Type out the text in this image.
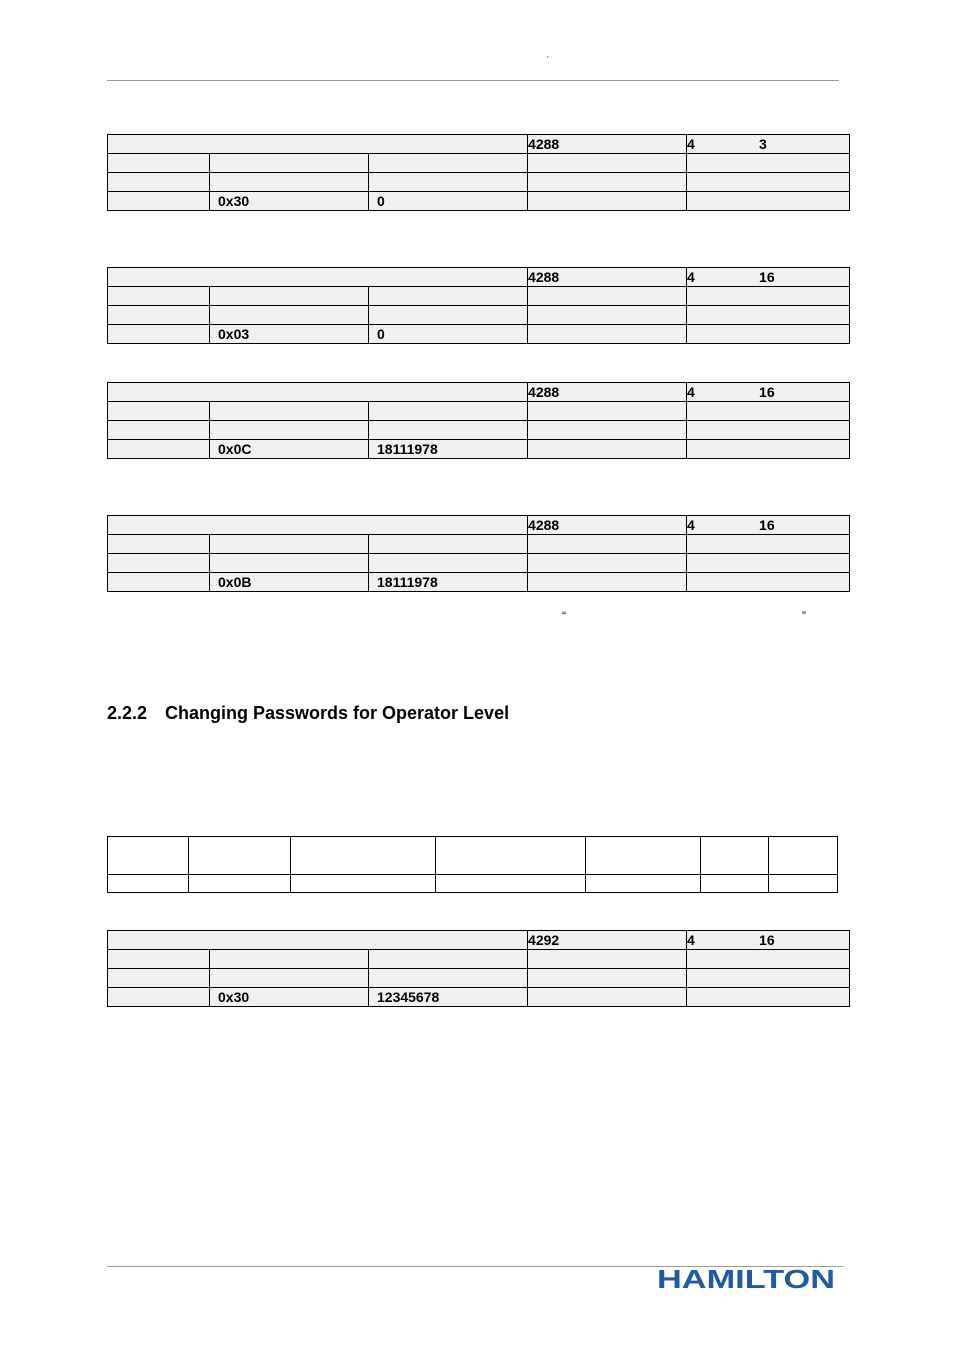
’
			4288	4 3

	0x30	0		
			4288	4 16

	0x03	0		
			4288	4 16

	0x0C	18111978		
			4288	4 16

	0x0B	18111978		
“	”
2.2.2 Changing Passwords for Operator Level

			4292	4 16

	0x30	12345678		
HAMILTON
